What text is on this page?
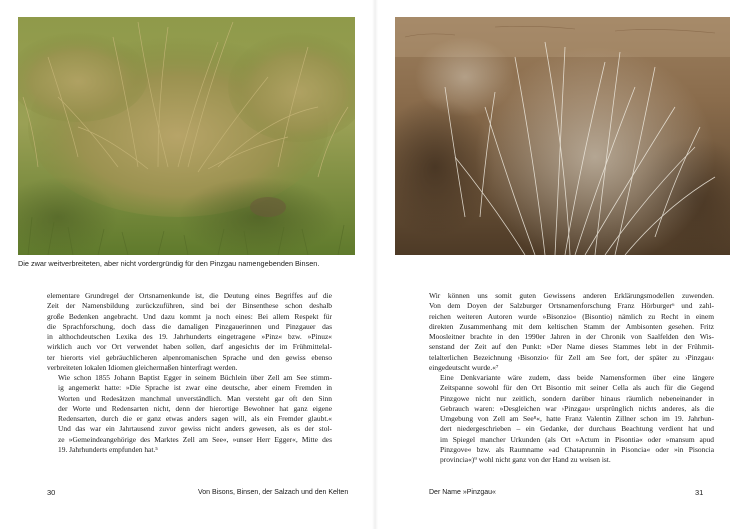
Die zwar weitverbreiteten, aber nicht vordergründig für den Pinzgau namengebenden Binsen.

elementare Grundregel der Ortsnamenkunde ist, die Deutung eines Begriffes auf die
Zeit der Namensbildung zurückzuführen, sind bei der Binsenthese schon deshalb
große Bedenken angebracht. Und dazu kommt ja noch eines: Bei allem Respekt für
die Sprachforschung, doch dass die damaligen Pinzgauerinnen und Pinzgauer das
in althochdeutschen Lexika des 19. Jahrhunderts eingetragene »Pinz« bzw. »Pinuz«
wirklich auch vor Ort verwendet haben sollen, darf angesichts der im Frühmittelal-
ter hierorts viel gebräuchlicheren alpenromanischen Sprache und den gewiss ebenso
verbreiteten lokalen Idiomen gleichermaßen hinterfragt werden.

Wie schon 1855 Johann Baptist Egger in seinem Büchlein über Zell am See stimm-
ig angemerkt hatte: »Die Sprache ist zwar eine deutsche, aber einem Fremden in
Worten und Redesätzen manchmal unverständlich. Man versteht gar oft den Sinn
der Worte und Redensarten nicht, denn der hierortige Bewohner hat ganz eigene
Redensarten, durch die er ganz etwas anders sagen will, als ein Fremder glaubt.«
Und das war ein Jahrtausend zuvor gewiss nicht anders gewesen, als es der stol-
ze »Gemeindeangehörige des Marktes Zell am See«, »unser Herr Egger«, Mitte des
19. Jahrhunderts empfunden hat.⁵

30	Von Bisons, Binsen, der Salzach und den Kelten

Wir können uns somit guten Gewissens anderen Erklärungsmodellen zuwenden.
Von dem Doyen der Salzburger Ortsnamenforschung Franz Hörburger⁶ und zahl-
reichen weiteren Autoren wurde »Bisonzio« (Bisontio) nämlich zu Recht in einem
direkten Zusammenhang mit dem keltischen Stamm der Ambisonten gesehen. Fritz
Moosleitner brachte in den 1990er Jahren in der Chronik von Saalfelden den Wis-
senstand der Zeit auf den Punkt: »Der Name dieses Stammes lebt in der Frühmit-
telalterlichen Bezeichnung ›Bisonzio‹ für Zell am See fort, der später zu ›Pinzgau‹
eingedeutscht wurde.«⁷

Eine Denkvariante wäre zudem, dass beide Namensformen über eine längere
Zeitspanne sowohl für den Ort Bisontio mit seiner Cella als auch für die Gegend
Pinzgowe nicht nur zeitlich, sondern darüber hinaus räumlich nebeneinander in
Gebrauch waren: »Desgleichen war ›Pinzgau‹ ursprünglich nichts anderes, als die
Umgebung von Zell am See⁸«, hatte Franz Valentin Zillner schon im 19. Jahrhun-
dert niedergeschrieben – ein Gedanke, der durchaus Beachtung verdient hat und
im Spiegel mancher Urkunden (als Ort »Actum in Pisontia« oder »mansum apud
Pinzgove« bzw. als Raumname »ad Chataprunnin in Pisoncia« oder »in Pisoncia
provincia«)⁹ wohl nicht ganz von der Hand zu weisen ist.

Der Name »Pinzgau«	31
